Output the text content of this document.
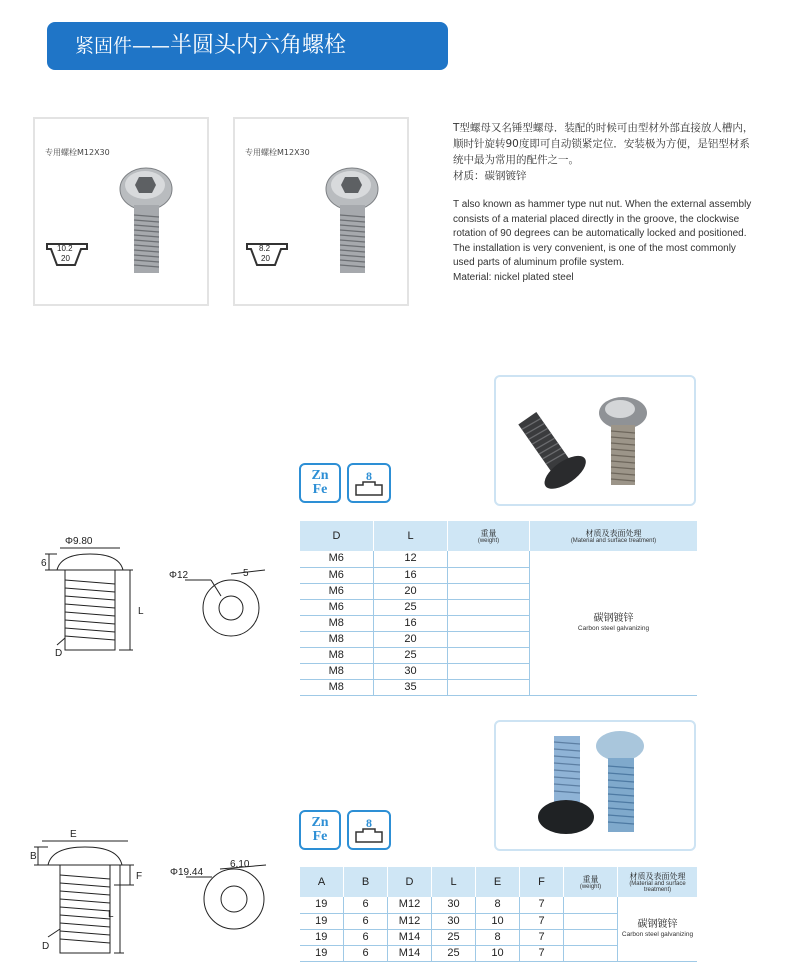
紧固件——半圆头内六角螺栓
专用螺栓M12X30
10.2
20
专用螺栓M12X30
8.2
20
T型螺母又名锤型螺母．装配的时候可由型材外部直接放人槽内，
顺时针旋转90度即可自动锁紧定位．安装极为方便，是铝型材系
统中最为常用的配件之一。
材质：碳钢镀锌
T also known as hammer type nut nut. When the external assembly
consists of a material placed directly in the groove, the clockwise
rotation of 90 degrees can be automatically locked and positioned.
The installation is very convenient, is one of the most commonly
used parts of aluminum profile system.
Material: nickel plated steel
Zn
Fe
8
Φ9.80
6
L
D
Φ12	5
D	L	重量
(weight)	材质及表面处理
(Material and surface treatment)

M6	12		碳钢镀锌
Carbon steel galvanizing

M6	16		
M6	20		
M6	25		
M8	16		
M8	20		
M8	25		
M8	30		
M8	35		
Zn
Fe
8
E
B
F
L
D
Φ19.44
6.10
A	B	D	L	E	F	重量
(weight)	材质及表面处理
(Material and surface treatment)

19	6	M12	30	8	7		碳钢镀锌
Carbon steel galvanizing

19	6	M12	30	10	7		
19	6	M14	25	8	7		
19	6	M14	25	10	7		
